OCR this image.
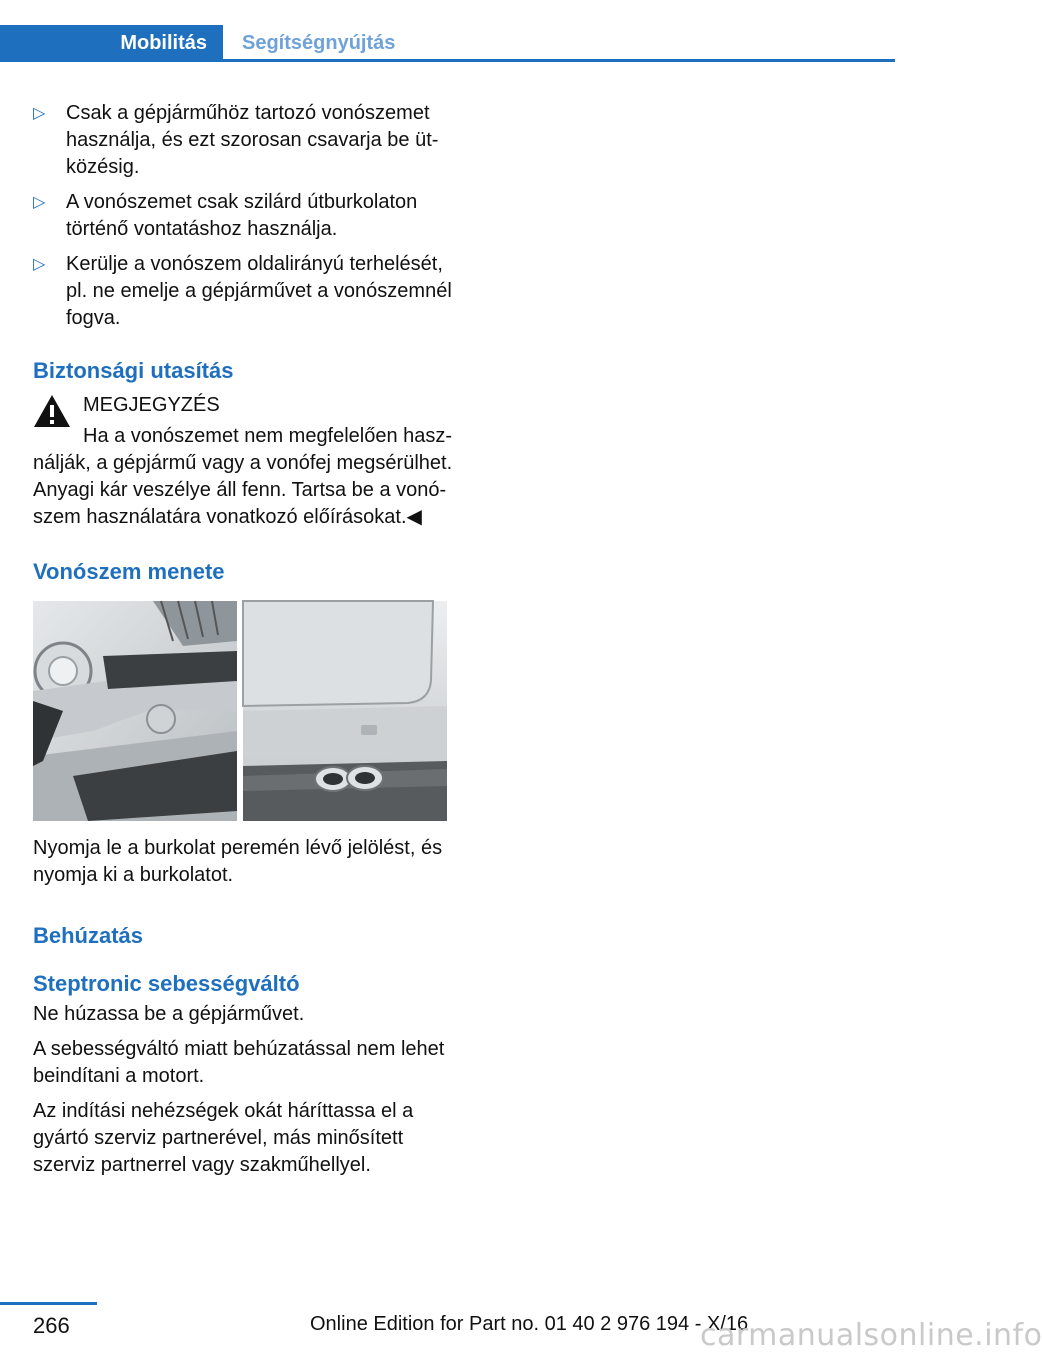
Mobilitás	Segítségnyújtás
▷ Csak a gépjárműhöz tartozó vonószemet használja, és ezt szorosan csavarja be ütközésig.
▷ A vonószemet csak szilárd útburkolaton történő vontatáshoz használja.
▷ Kerülje a vonószem oldalirányú terhelését, pl. ne emelje a gépjárművet a vonószemnél fogva.
Biztonsági utasítás

MEGJEGYZÉS

Ha a vonószemet nem megfelelően használják, a gépjármű vagy a vonófej megsérülhet. Anyagi kár veszélye áll fenn. Tartsa be a vonószem használatára vonatkozó előírásokat.◀

Vonószem menete

Nyomja le a burkolat peremén lévő jelölést, és nyomja ki a burkolatot.

Behúzatás
Steptronic sebességváltó

Ne húzassa be a gépjárművet.

A sebességváltó miatt behúzatással nem lehet beindítani a motort.

Az indítási nehézségek okát háríttassa el a gyártó szerviz partnerével, más minősített szerviz partnerrel vagy szakműhellyel.

266	Online Edition for Part no. 01 40 2 976 194 - X/16
carmanualsonline.info
